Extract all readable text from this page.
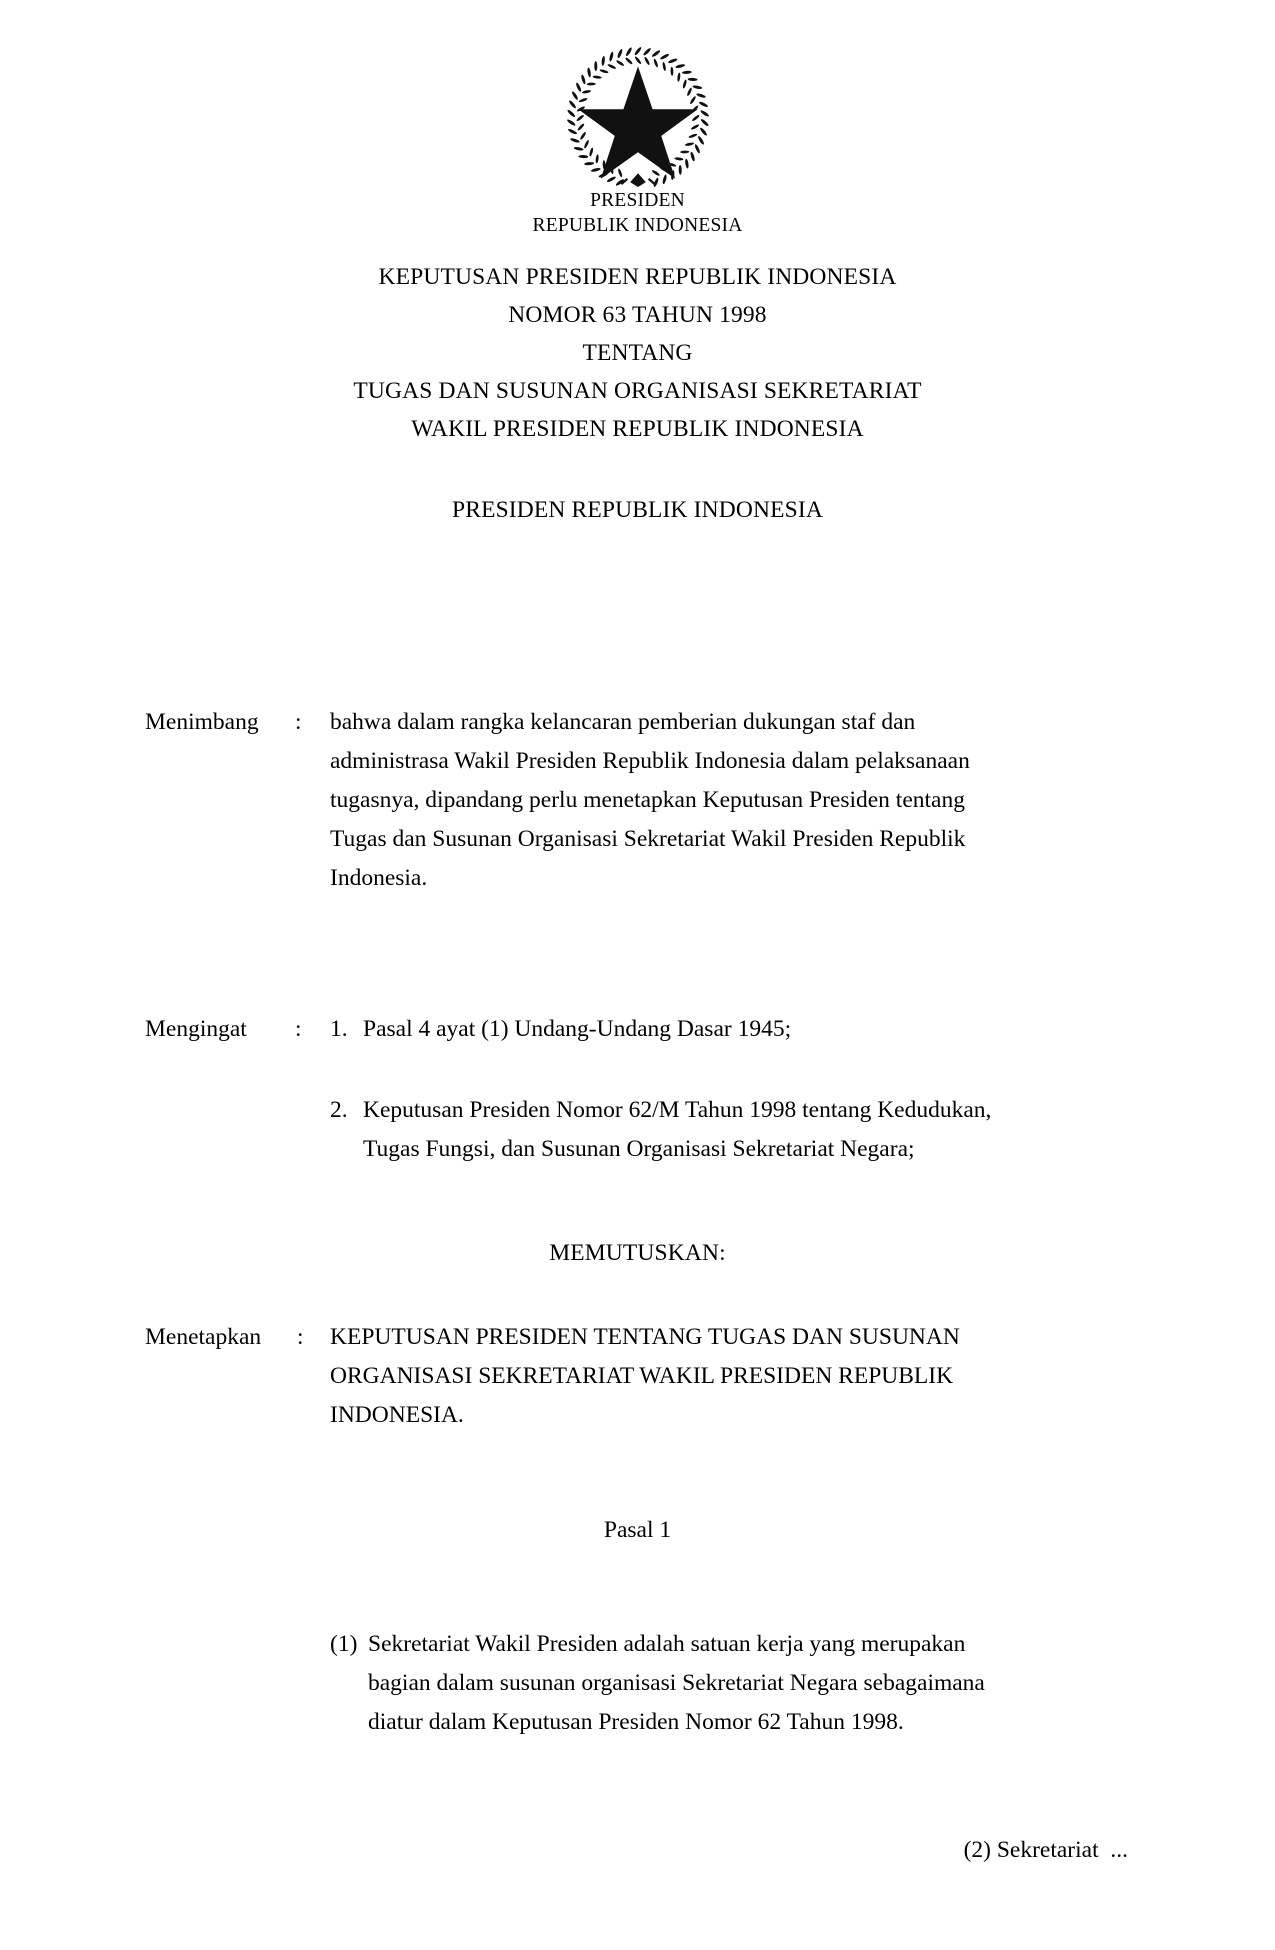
PRESIDEN
REPUBLIK INDONESIA
KEPUTUSAN PRESIDEN REPUBLIK INDONESIA
NOMOR 63 TAHUN 1998
TENTANG
TUGAS DAN SUSUNAN ORGANISASI SEKRETARIAT
WAKIL PRESIDEN REPUBLIK INDONESIA
PRESIDEN REPUBLIK INDONESIA
Menimbang	:	bahwa dalam rangka kelancaran pemberian dukungan staf dan

administrasa Wakil Presiden Republik Indonesia dalam pelaksanaan

tugasnya, dipandang perlu menetapkan Keputusan Presiden tentang

Tugas dan Susunan Organisasi Sekretariat Wakil Presiden Republik

Indonesia.

Mengingat	:	1. Pasal 4 ayat (1) Undang-Undang Dasar 1945;

2. Keputusan Presiden Nomor 62/M Tahun 1998 tentang Kedudukan,

Tugas Fungsi, dan Susunan Organisasi Sekretariat Negara;

MEMUTUSKAN:
Menetapkan	:	KEPUTUSAN PRESIDEN TENTANG TUGAS DAN SUSUNAN

ORGANISASI SEKRETARIAT WAKIL PRESIDEN REPUBLIK

INDONESIA.

Pasal 1
(1) Sekretariat Wakil Presiden adalah satuan kerja yang merupakan

bagian dalam susunan organisasi Sekretariat Negara sebagaimana

diatur dalam Keputusan Presiden Nomor 62 Tahun 1998.

(2) Sekretariat  ...
